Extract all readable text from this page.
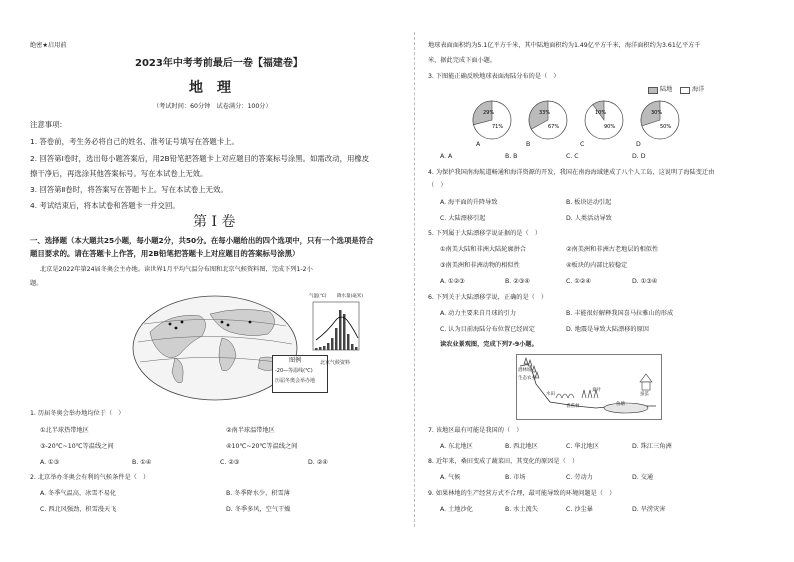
绝密★启用前
2023年中考考前最后一卷【福建卷】
地　理
（考试时间：60分钟　试卷满分：100分）
注意事项:
1. 答卷前，考生务必将自己的姓名、准考证号填写在答题卡上。
2. 回答第Ⅰ卷时，选出每小题答案后，用2B铅笔把答题卡上对应题目的答案标号涂黑。如需改动，用橡皮
擦干净后，再选涂其他答案标号。写在本试卷上无效。
3. 回答第Ⅱ卷时，将答案写在答题卡上。写在本试卷上无效。
4. 考试结束后，将本试卷和答题卡一并交回。
第 Ⅰ 卷
一、选择题（本大题共25小题，每小题2分，共50分。在每小题给出的四个选项中，只有一个选项是符合
题目要求的。请在答题卡上作答，用2B铅笔把答题卡上对应题目的答案标号涂黑）
北京是2022年第24届冬奥会主办地。读世界1月平均气温分布图和北京气候资料图，完成下列1-2小
题。
图例
-20—等温线(℃)
历届冬奥会举办地
气温(℃) 降水量(毫米)
北京气候资料
1. 历届冬奥会举办地均位于（　）
①北半球热带地区	②南半球温带地区
③-20℃~10℃等温线之间	④10℃~20℃等温线之间
A. ①③	B. ①④	C. ②③	D. ②④
2. 北京举办冬奥会有利的气候条件是（　）
A. 冬季气温高，冰雪不易化	B. 冬季降水少，积雪薄
C. 西北风强劲，积雪漫天飞	D. 冬季多风，空气干燥
地球表面面积约为5.1亿平方千米，其中陆地面积约为1.49亿平方千米，海洋面积约为3.61亿平方千
米，据此完成下面小题。
3. 下图能正确反映地球表面海陆分布的是（　）
陆地	海洋
29%
71%
33%
67%
10%
90%
30%
50%
A	B	C	D
A. A	B. B	C. C	D. D
4. 为保护我国南海航道畅通和海洋资源的开发，我国在南海海域建成了八个人工岛，这说明了海陆变迁由
（　）
A. 海平面的升降导致	B. 板块运动引起
C. 大陆漂移引起	D. 人类活动导致
5. 下列属于大陆漂移学说证据的是（　）
①南美大陆和非洲大陆轮廓拼合	②南美洲和非洲古老地层的相似性
③南美洲和非洲动物的相似性	④板块的内部比较稳定
A. ①②③	B. ②③④	C. ①②④	D. ①③④
6. 下列关于大陆漂移学说，正确的是（　）
A. 动力主要来自月球的引力	B. 丰能很好解释我国喜马拉雅山的形成
C. 认为目前海陆分布位置已经固定	D. 地震是导致大陆漂移的原因
读农业景观图，完成下列7-9小题。
潜林坡
生态农业
水田
香蕉林	鱼塘
桑叶
蚕茧
7. 该地区最有可能是我国的（　）
A. 东北地区	B. 西北地区	C. 华北地区	D. 珠江三角洲
8. 近年来，桑田变成了蔬菜田，其变化的原因是（　）
A. 气候	B. 市场	C. 劳动力	D. 交通
9. 如果林地的生产经营方式不合理，最可能导致的环境问题是（　）
A. 土地沙化	B. 水土流失	C. 沙尘暴	D. 旱涝灾害
